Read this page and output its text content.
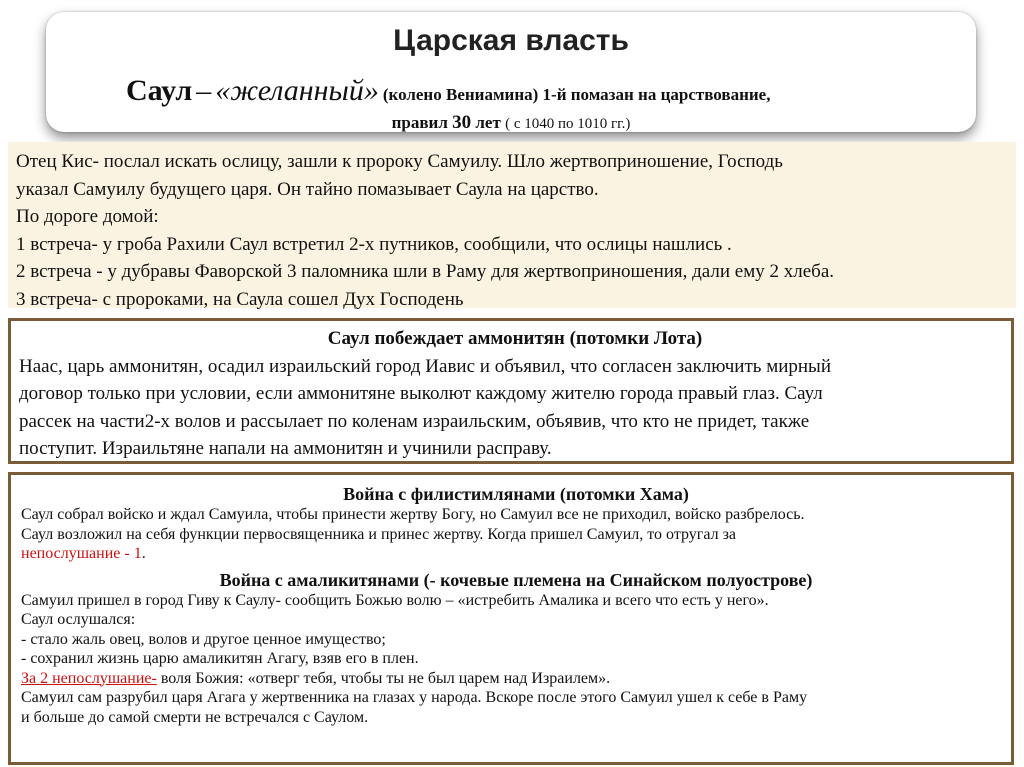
Царская власть
Саул – «желанный» (колено Вениамина) 1-й помазан на царствование,
правил 30 лет ( с 1040 по 1010 гг.)
Отец Кис- послал искать ослицу, зашли к пророку Самуилу. Шло жертвоприношение, Господь
указал Самуилу будущего царя. Он тайно помазывает Саула на царство.
По дороге домой:
1 встреча- у гроба Рахили Саул встретил 2-х путников, сообщили, что ослицы нашлись .
2 встреча - у дубравы Фаворской 3 паломника шли в Раму для жертвоприношения, дали ему 2 хлеба.
3 встреча- с пророками, на Саула сошел Дух Господень
Саул побеждает аммонитян (потомки Лота)
Наас, царь аммонитян, осадил израильский город Иавис и объявил, что согласен заключить мирный
договор только при условии, если аммонитяне выколют каждому жителю города правый глаз. Саул
рассек на части2-х волов и рассылает по коленам израильским, объявив, что кто не придет, также
поступит. Израильтяне напали на аммонитян и учинили расправу.
Война с филистимлянами (потомки Хама)
Саул собрал войско и ждал Самуила, чтобы принести жертву Богу, но Самуил все не приходил, войско разбрелось.
Саул возложил на себя функции первосвященника и принес жертву. Когда пришел Самуил, то отругал за
непослушание - 1.
Война с амаликитянами (- кочевые племена на Синайском полуострове)
Самуил пришел в город Гиву к Саулу- сообщить Божью волю – «истребить Амалика и всего что есть у него».
Саул ослушался:
- стало жаль овец, волов и другое ценное имущество;
- сохранил жизнь царю амаликитян Агагу, взяв его в плен.
За 2 непослушание- воля Божия: «отверг тебя, чтобы ты не был царем над Израилем».
Самуил сам разрубил царя Агага у жертвенника на глазах у народа. Вскоре после этого Самуил ушел к себе в Раму
и больше до самой смерти не встречался с Саулом.
